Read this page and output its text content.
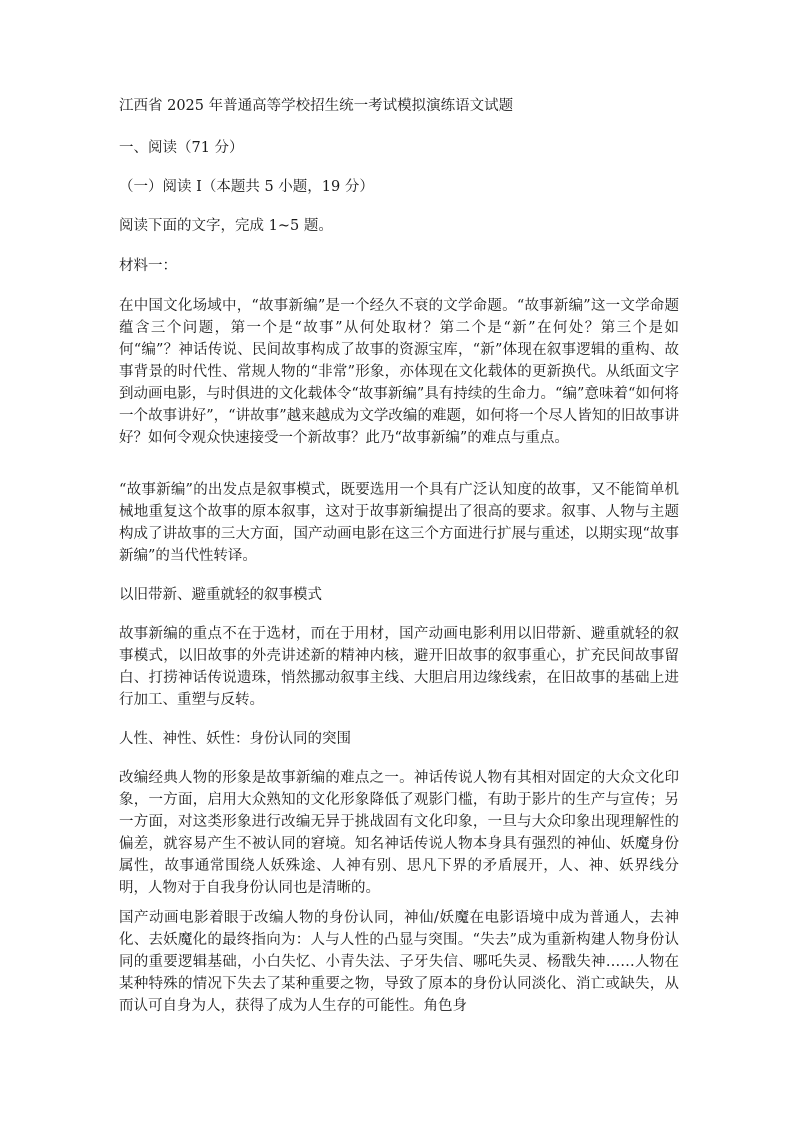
江西省 2025 年普通高等学校招生统一考试模拟演练语文试题

一、阅读（71 分）

（一）阅读 I（本题共 5 小题，19 分）

阅读下面的文字，完成 1~5 题。

材料一：

在中国文化场域中，“故事新编”是一个经久不衰的文学命题。“故事新编”这一文学命题蕴含三个问题，第一个是“故事”从何处取材？第二个是“新”在何处？第三个是如何“编”？神话传说、民间故事构成了故事的资源宝库，“新”体现在叙事逻辑的重构、故事背景的时代性、常规人物的“非常”形象，亦体现在文化载体的更新换代。从纸面文字到动画电影，与时俱进的文化载体令“故事新编”具有持续的生命力。“编”意味着“如何将一个故事讲好”，“讲故事”越来越成为文学改编的难题，如何将一个尽人皆知的旧故事讲好？如何令观众快速接受一个新故事？此乃“故事新编”的难点与重点。

“故事新编”的出发点是叙事模式，既要选用一个具有广泛认知度的故事，又不能简单机械地重复这个故事的原本叙事，这对于故事新编提出了很高的要求。叙事、人物与主题构成了讲故事的三大方面，国产动画电影在这三个方面进行扩展与重述，以期实现“故事新编”的当代性转译。

以旧带新、避重就轻的叙事模式

故事新编的重点不在于选材，而在于用材，国产动画电影利用以旧带新、避重就轻的叙事模式，以旧故事的外壳讲述新的精神内核，避开旧故事的叙事重心，扩充民间故事留白、打捞神话传说遗珠，悄然挪动叙事主线、大胆启用边缘线索，在旧故事的基础上进行加工、重塑与反转。

人性、神性、妖性：身份认同的突围

改编经典人物的形象是故事新编的难点之一。神话传说人物有其相对固定的大众文化印象，一方面，启用大众熟知的文化形象降低了观影门槛，有助于影片的生产与宣传；另一方面，对这类形象进行改编无异于挑战固有文化印象，一旦与大众印象出现理解性的偏差，就容易产生不被认同的窘境。知名神话传说人物本身具有强烈的神仙、妖魔身份属性，故事通常围绕人妖殊途、人神有别、思凡下界的矛盾展开，人、神、妖界线分明，人物对于自我身份认同也是清晰的。

国产动画电影着眼于改编人物的身份认同，神仙/妖魔在电影语境中成为普通人，去神化、去妖魔化的最终指向为：人与人性的凸显与突围。“失去”成为重新构建人物身份认同的重要逻辑基础，小白失忆、小青失法、子牙失信、哪吒失灵、杨戬失神……人物在某种特殊的情况下失去了某种重要之物，导致了原本的身份认同淡化、消亡或缺失，从而认可自身为人，获得了成为人生存的可能性。角色身
